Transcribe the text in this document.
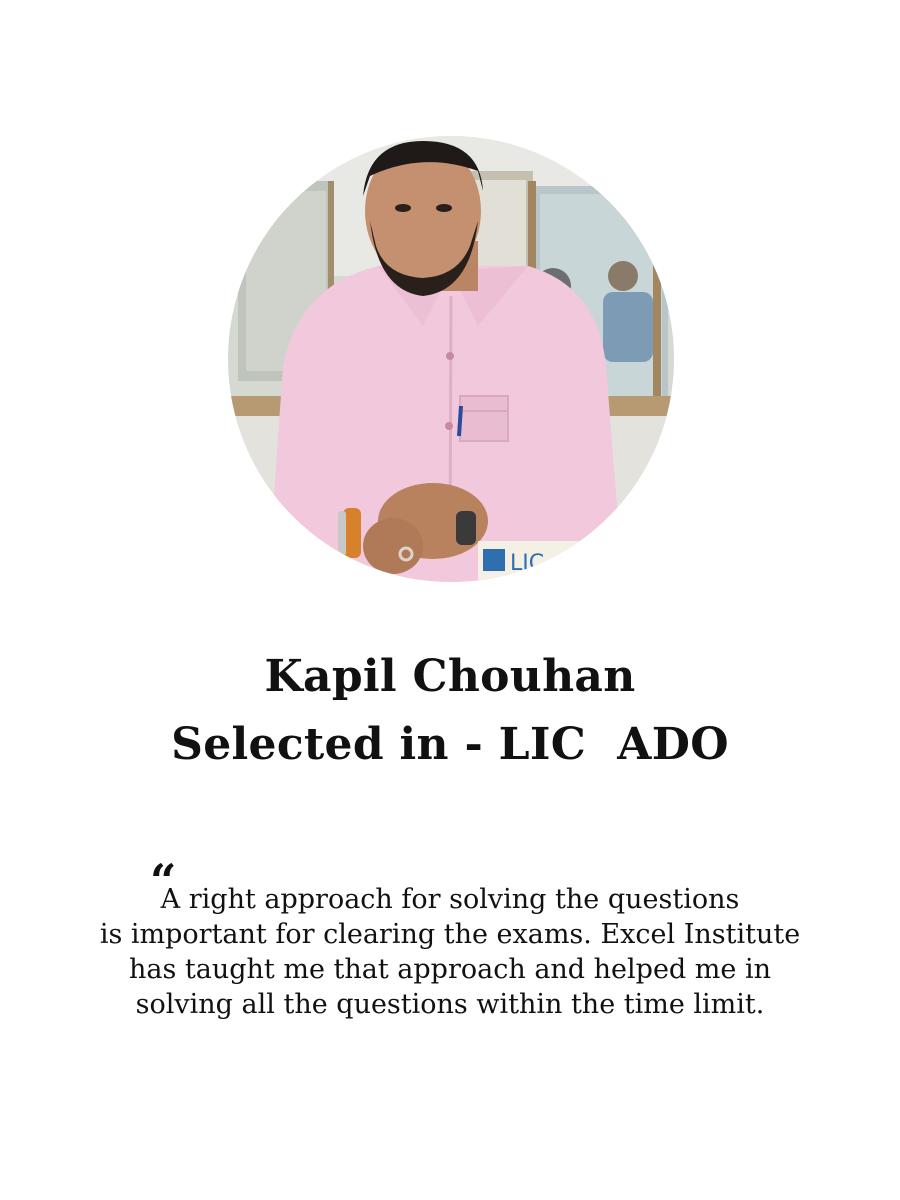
LIC KA

Kapil Chouhan

Selected in - LIC  ADO

“

A right approach for solving the questions

is important for clearing the exams. Excel Institute

has taught me that approach and helped me in

solving all the questions within the time limit.
